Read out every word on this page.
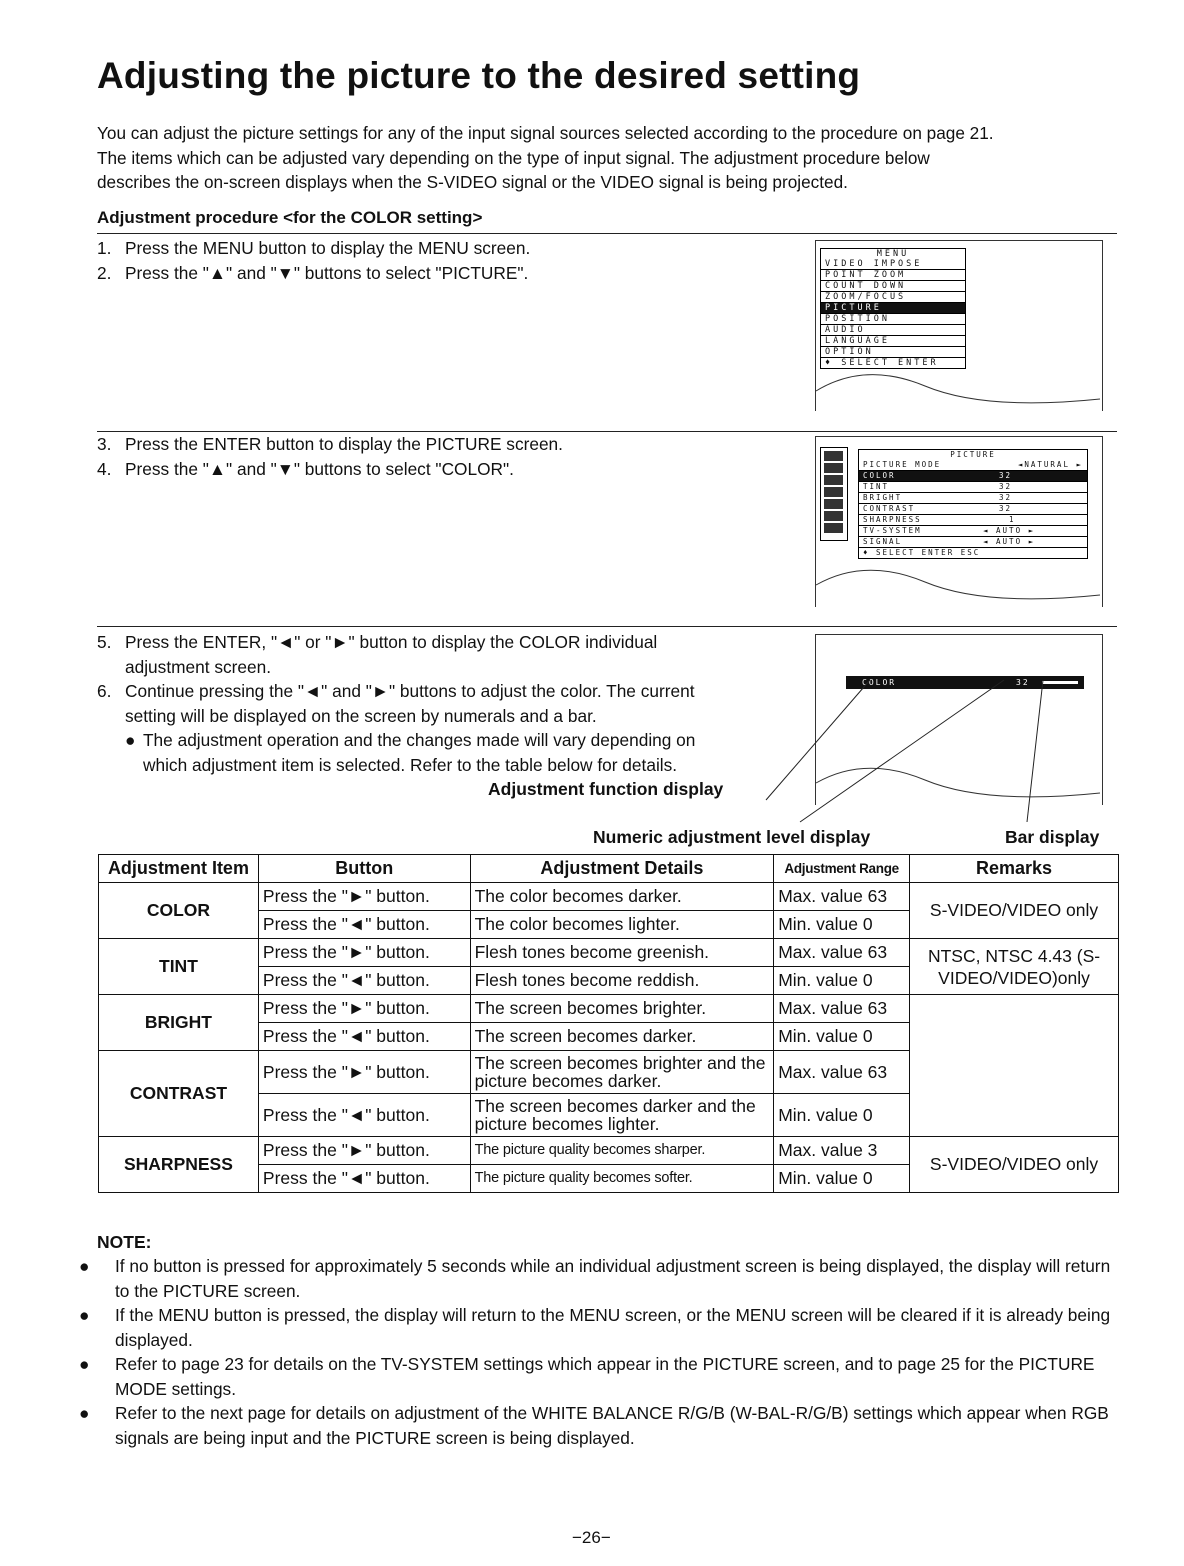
Adjusting the picture to the desired setting
You can adjust the picture settings for any of the input signal sources selected according to the procedure on page 21.
The items which can be adjusted vary depending on the type of input signal. The adjustment procedure below
describes the on-screen displays when the S-VIDEO signal or the VIDEO signal is being projected.
Adjustment procedure <for the COLOR setting>
1. Press the MENU button to display the MENU screen.
2. Press the "▲" and "▼" buttons to select "PICTURE".
MENU
VIDEO IMPOSE
POINT ZOOM
COUNT DOWN
ZOOM/FOCUS
PICTURE
POSITION
AUDIO
LANGUAGE
OPTION
♦ SELECT ENTER
3. Press the ENTER button to display the PICTURE screen.
4. Press the "▲" and "▼" buttons to select "COLOR".
PICTURE
PICTURE MODE	◄NATURAL ►
COLOR	32
TINT	32
BRIGHT	32
CONTRAST	32
SHARPNESS	1
TV-SYSTEM	◄ AUTO ►
SIGNAL	◄ AUTO ►
♦ SELECT ENTER ESC
5. Press the ENTER, "◄" or "►" button to display the COLOR individual
adjustment screen.
6. Continue pressing the "◄" and "►" buttons to adjust the color. The current
setting will be displayed on the screen by numerals and a bar.
● The adjustment operation and the changes made will vary depending on
which adjustment item is selected. Refer to the table below for details.
Adjustment function display
COLOR	32
Numeric adjustment level display	Bar display
Adjustment Item	Button	Adjustment Details	Adjustment Range	Remarks
COLOR	Press the "►" button.	The color becomes darker.	Max. value 63	S-VIDEO/VIDEO only
	Press the "◄" button.	The color becomes lighter.	Min. value 0	
TINT	Press the "►" button.	Flesh tones become greenish.	Max. value 63	NTSC, NTSC 4.43 (S-VIDEO/VIDEO)only
	Press the "◄" button.	Flesh tones become reddish.	Min. value 0	
BRIGHT	Press the "►" button.	The screen becomes brighter.	Max. value 63	
	Press the "◄" button.	The screen becomes darker.	Min. value 0	
CONTRAST	Press the "►" button.	The screen becomes brighter and the picture becomes darker.	Max. value 63	
	Press the "◄" button.	The screen becomes darker and the picture becomes lighter.	Min. value 0	
SHARPNESS	Press the "►" button.	The picture quality becomes sharper.	Max. value 3	S-VIDEO/VIDEO only
	Press the "◄" button.	The picture quality becomes softer.	Min. value 0	
NOTE:
● If no button is pressed for approximately 5 seconds while an individual adjustment screen is being displayed, the display will return to the PICTURE screen.
● If the MENU button is pressed, the display will return to the MENU screen, or the MENU screen will be cleared if it is already being displayed.
● Refer to page 23 for details on the TV-SYSTEM settings which appear in the PICTURE screen, and to page 25 for the PICTURE MODE settings.
● Refer to the next page for details on adjustment of the WHITE BALANCE R/G/B (W-BAL-R/G/B) settings which appear when RGB signals are being input and the PICTURE screen is being displayed.
−26−
